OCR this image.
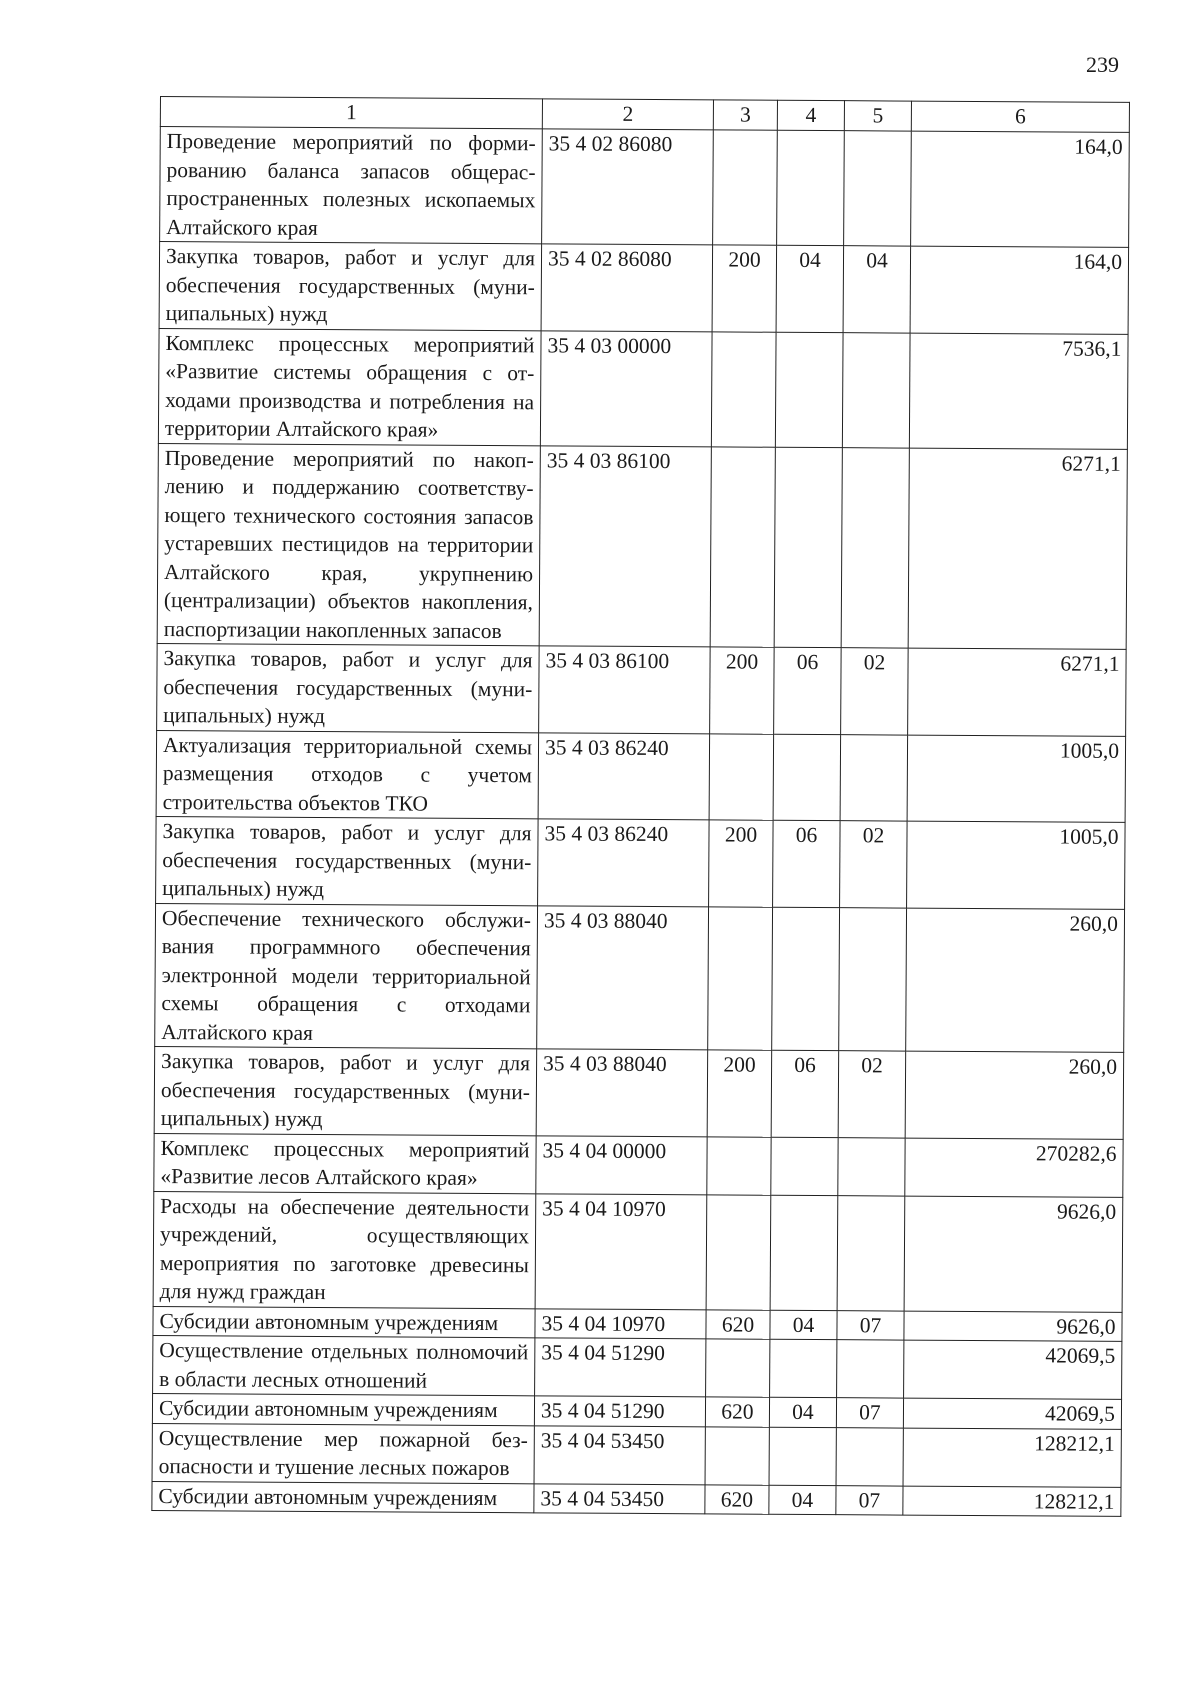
239
1	2	3	4	5	6
Проведение мероприятий по формированию баланса запасов общераспространенных полезных ископаемых Алтайского края	35 4 02 86080				164,0
Закупка товаров, работ и услуг для обеспечения государственных (муниципальных) нужд	35 4 02 86080	200	04	04	164,0
Комплекс процессных мероприятий «Развитие системы обращения с отходами производства и потребления на территории Алтайского края»	35 4 03 00000				7536,1
Проведение мероприятий по накоплению и поддержанию соответствующего технического состояния запасов устаревших пестицидов на территории Алтайского края, укрупнению (централизации) объектов накопления, паспортизации накопленных запасов	35 4 03 86100				6271,1
Закупка товаров, работ и услуг для обеспечения государственных (муниципальных) нужд	35 4 03 86100	200	06	02	6271,1
Актуализация территориальной схемы размещения отходов с учетом строительства объектов ТКО	35 4 03 86240				1005,0
Закупка товаров, работ и услуг для обеспечения государственных (муниципальных) нужд	35 4 03 86240	200	06	02	1005,0
Обеспечение технического обслуживания программного обеспечения электронной модели территориальной схемы обращения с отходами Алтайского края	35 4 03 88040				260,0
Закупка товаров, работ и услуг для обеспечения государственных (муниципальных) нужд	35 4 03 88040	200	06	02	260,0
Комплекс процессных мероприятий «Развитие лесов Алтайского края»	35 4 04 00000				270282,6
Расходы на обеспечение деятельности учреждений, осуществляющих мероприятия по заготовке древесины для нужд граждан	35 4 04 10970				9626,0
Субсидии автономным учреждениям	35 4 04 10970	620	04	07	9626,0
Осуществление отдельных полномочий в области лесных отношений	35 4 04 51290				42069,5
Субсидии автономным учреждениям	35 4 04 51290	620	04	07	42069,5
Осуществление мер пожарной безопасности и тушение лесных пожаров	35 4 04 53450				128212,1
Субсидии автономным учреждениям	35 4 04 53450	620	04	07	128212,1
